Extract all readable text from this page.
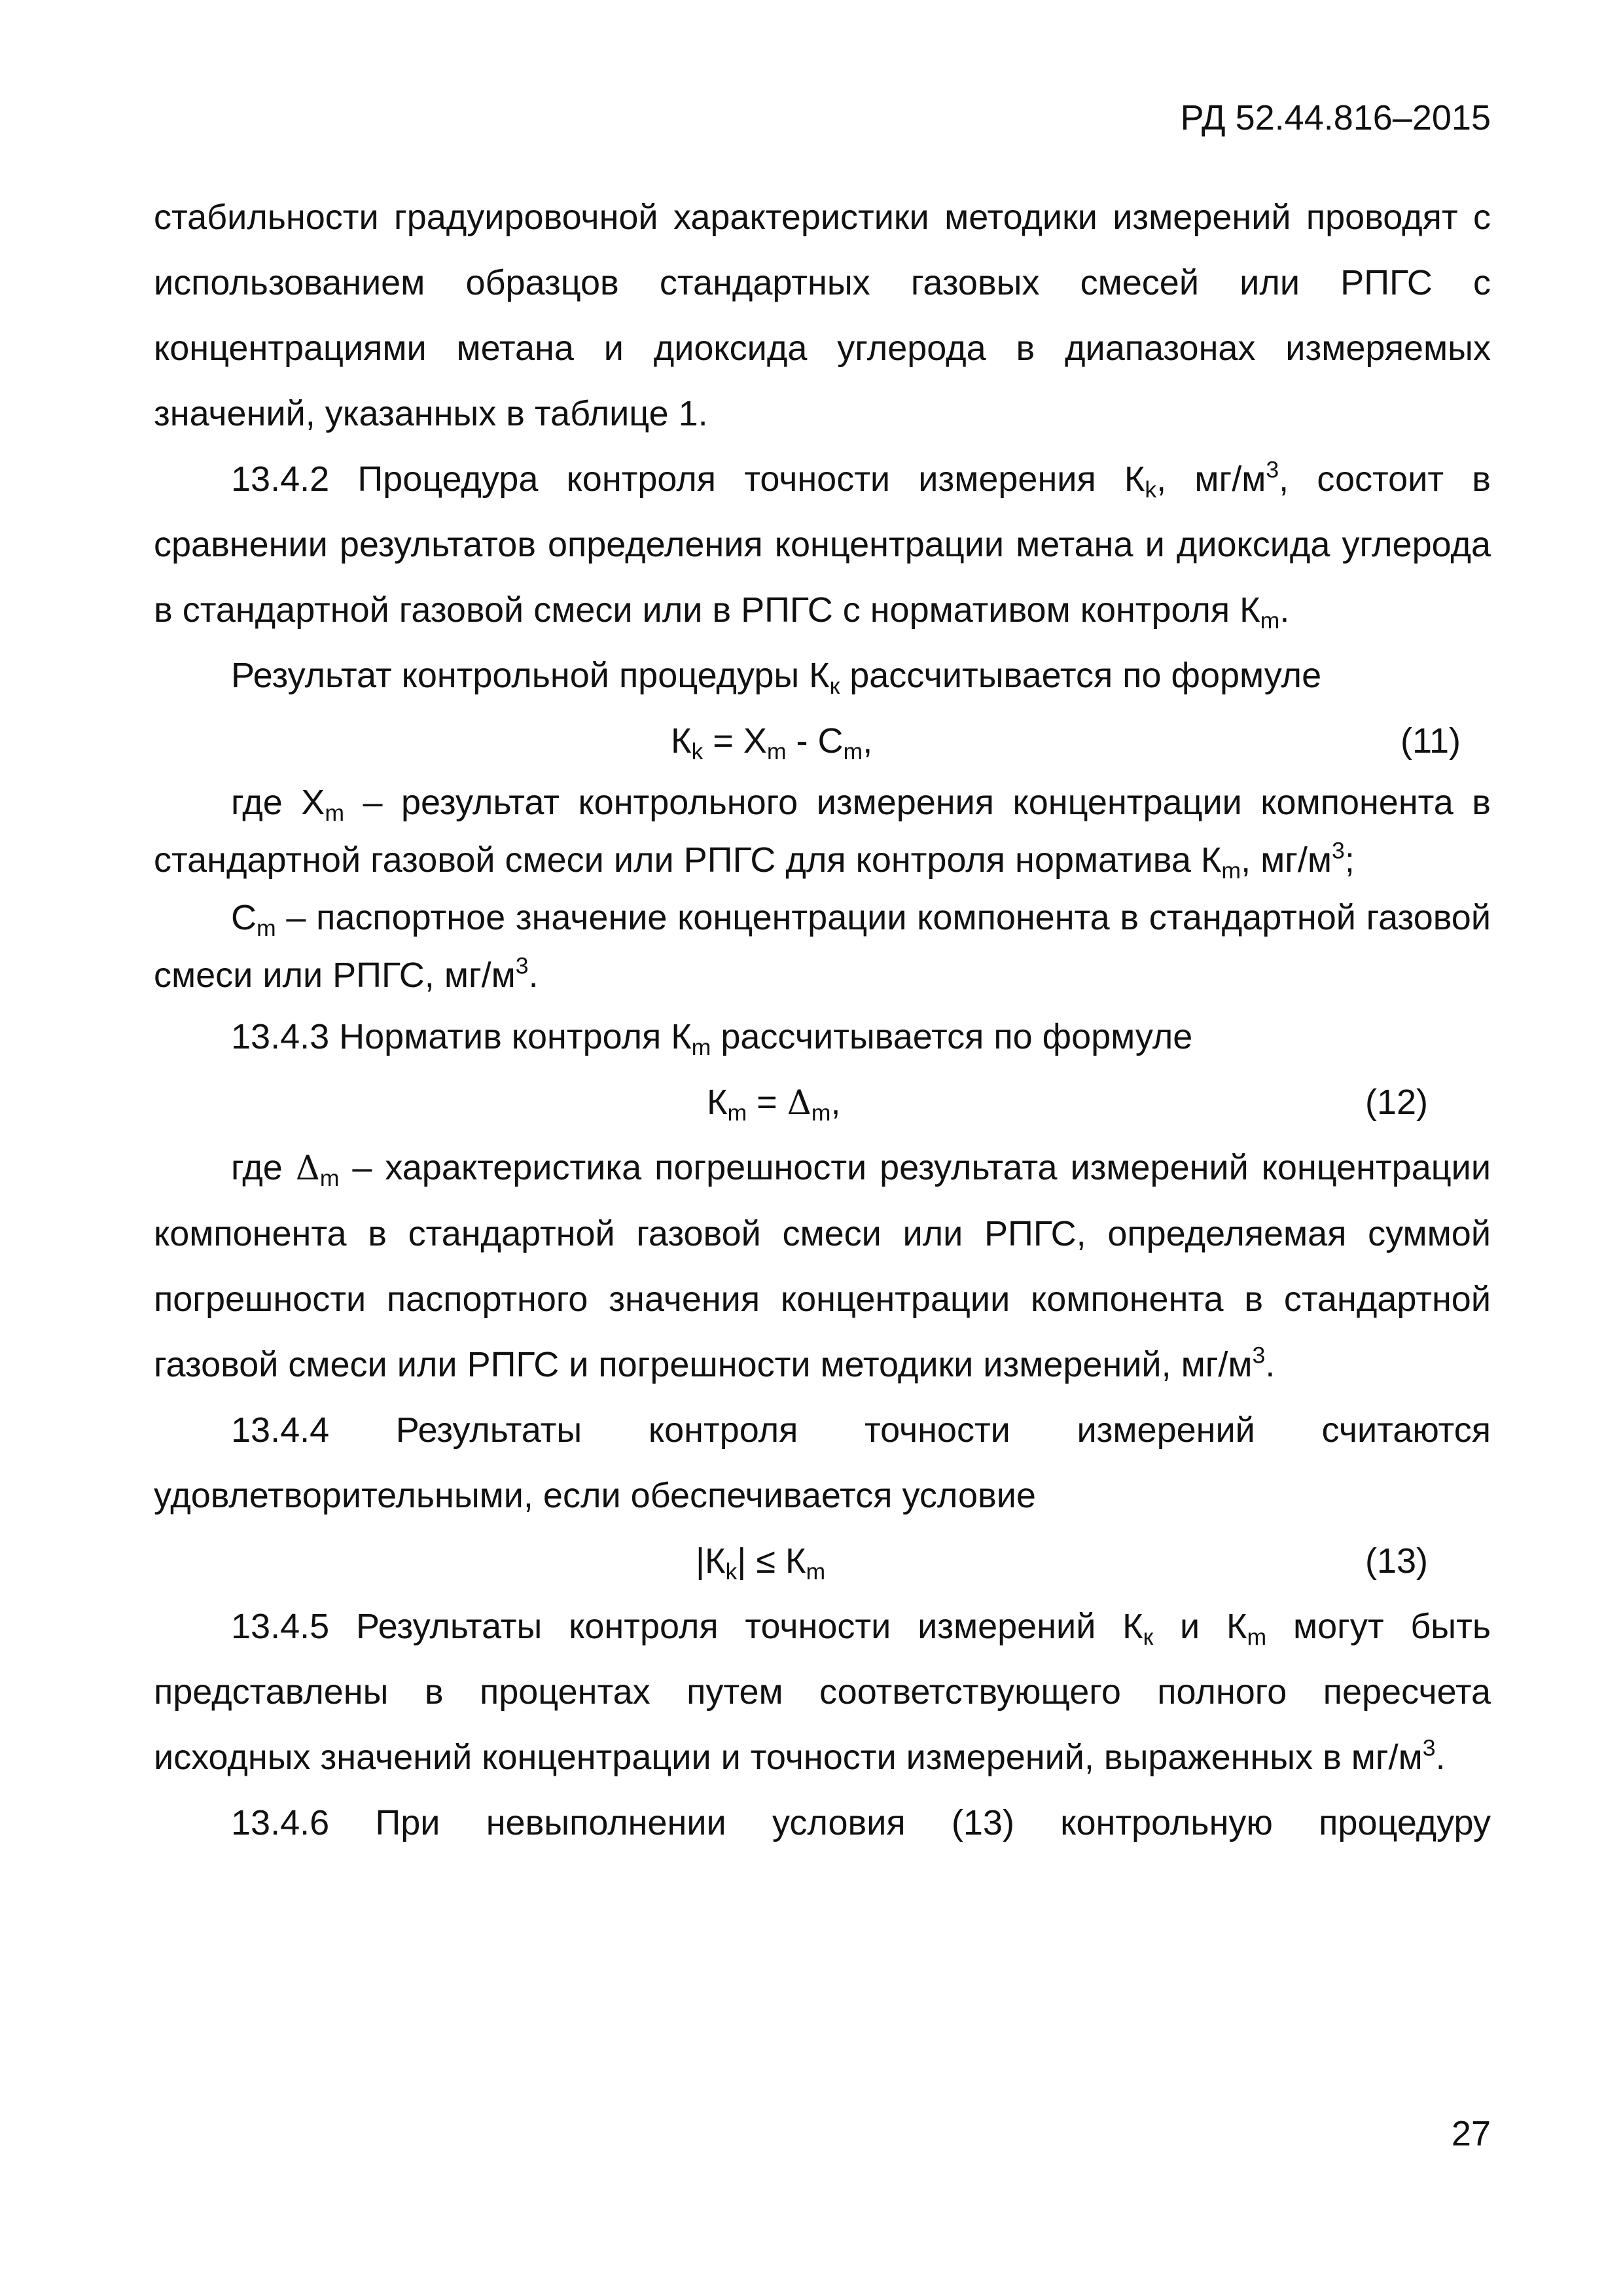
РД 52.44.816–2015

стабильности градуировочной характеристики методики измерений проводят с использованием образцов стандартных газовых смесей или РПГС с концентрациями метана и диоксида углерода в диапазонах измеряемых значений, указанных в таблице 1.

13.4.2 Процедура контроля точности измерения $К_k$, $мг/м^3$, состоит в сравнении результатов определения концентрации метана и диоксида углерода в стандартной газовой смеси или в РПГС с нормативом контроля $К_m$.

Результат контрольной процедуры $К_к$ рассчитывается по формуле

$К_k = X_m - C_m$,	(11)

где $X_m$ – результат контрольного измерения концентрации компонента в стандартной газовой смеси или РПГС для контроля норматива $К_m$, $мг/м^3$;

$C_m$ – паспортное значение концентрации компонента в стандартной газовой смеси или РПГС, $мг/м^3$.

13.4.3 Норматив контроля $К_m$ рассчитывается по формуле

$К_m = \Delta_m$,	(12)

где $\Delta_m$ – характеристика погрешности результата измерений концентрации компонента в стандартной газовой смеси или РПГС, определяемая суммой погрешности паспортного значения концентрации компонента в стандартной газовой смеси или РПГС и погрешности методики измерений, $мг/м^3$.

13.4.4 Результаты контроля точности измерений считаются удовлетворительными, если обеспечивается условие

$|К_k| \le К_m$	(13)

13.4.5 Результаты контроля точности измерений $К_к$ и $К_m$ могут быть представлены в процентах путем соответствующего полного пересчета исходных значений концентрации и точности измерений, выраженных в $мг/м^3$.

13.4.6 При невыполнении условия (13) контрольную процедуру

27
